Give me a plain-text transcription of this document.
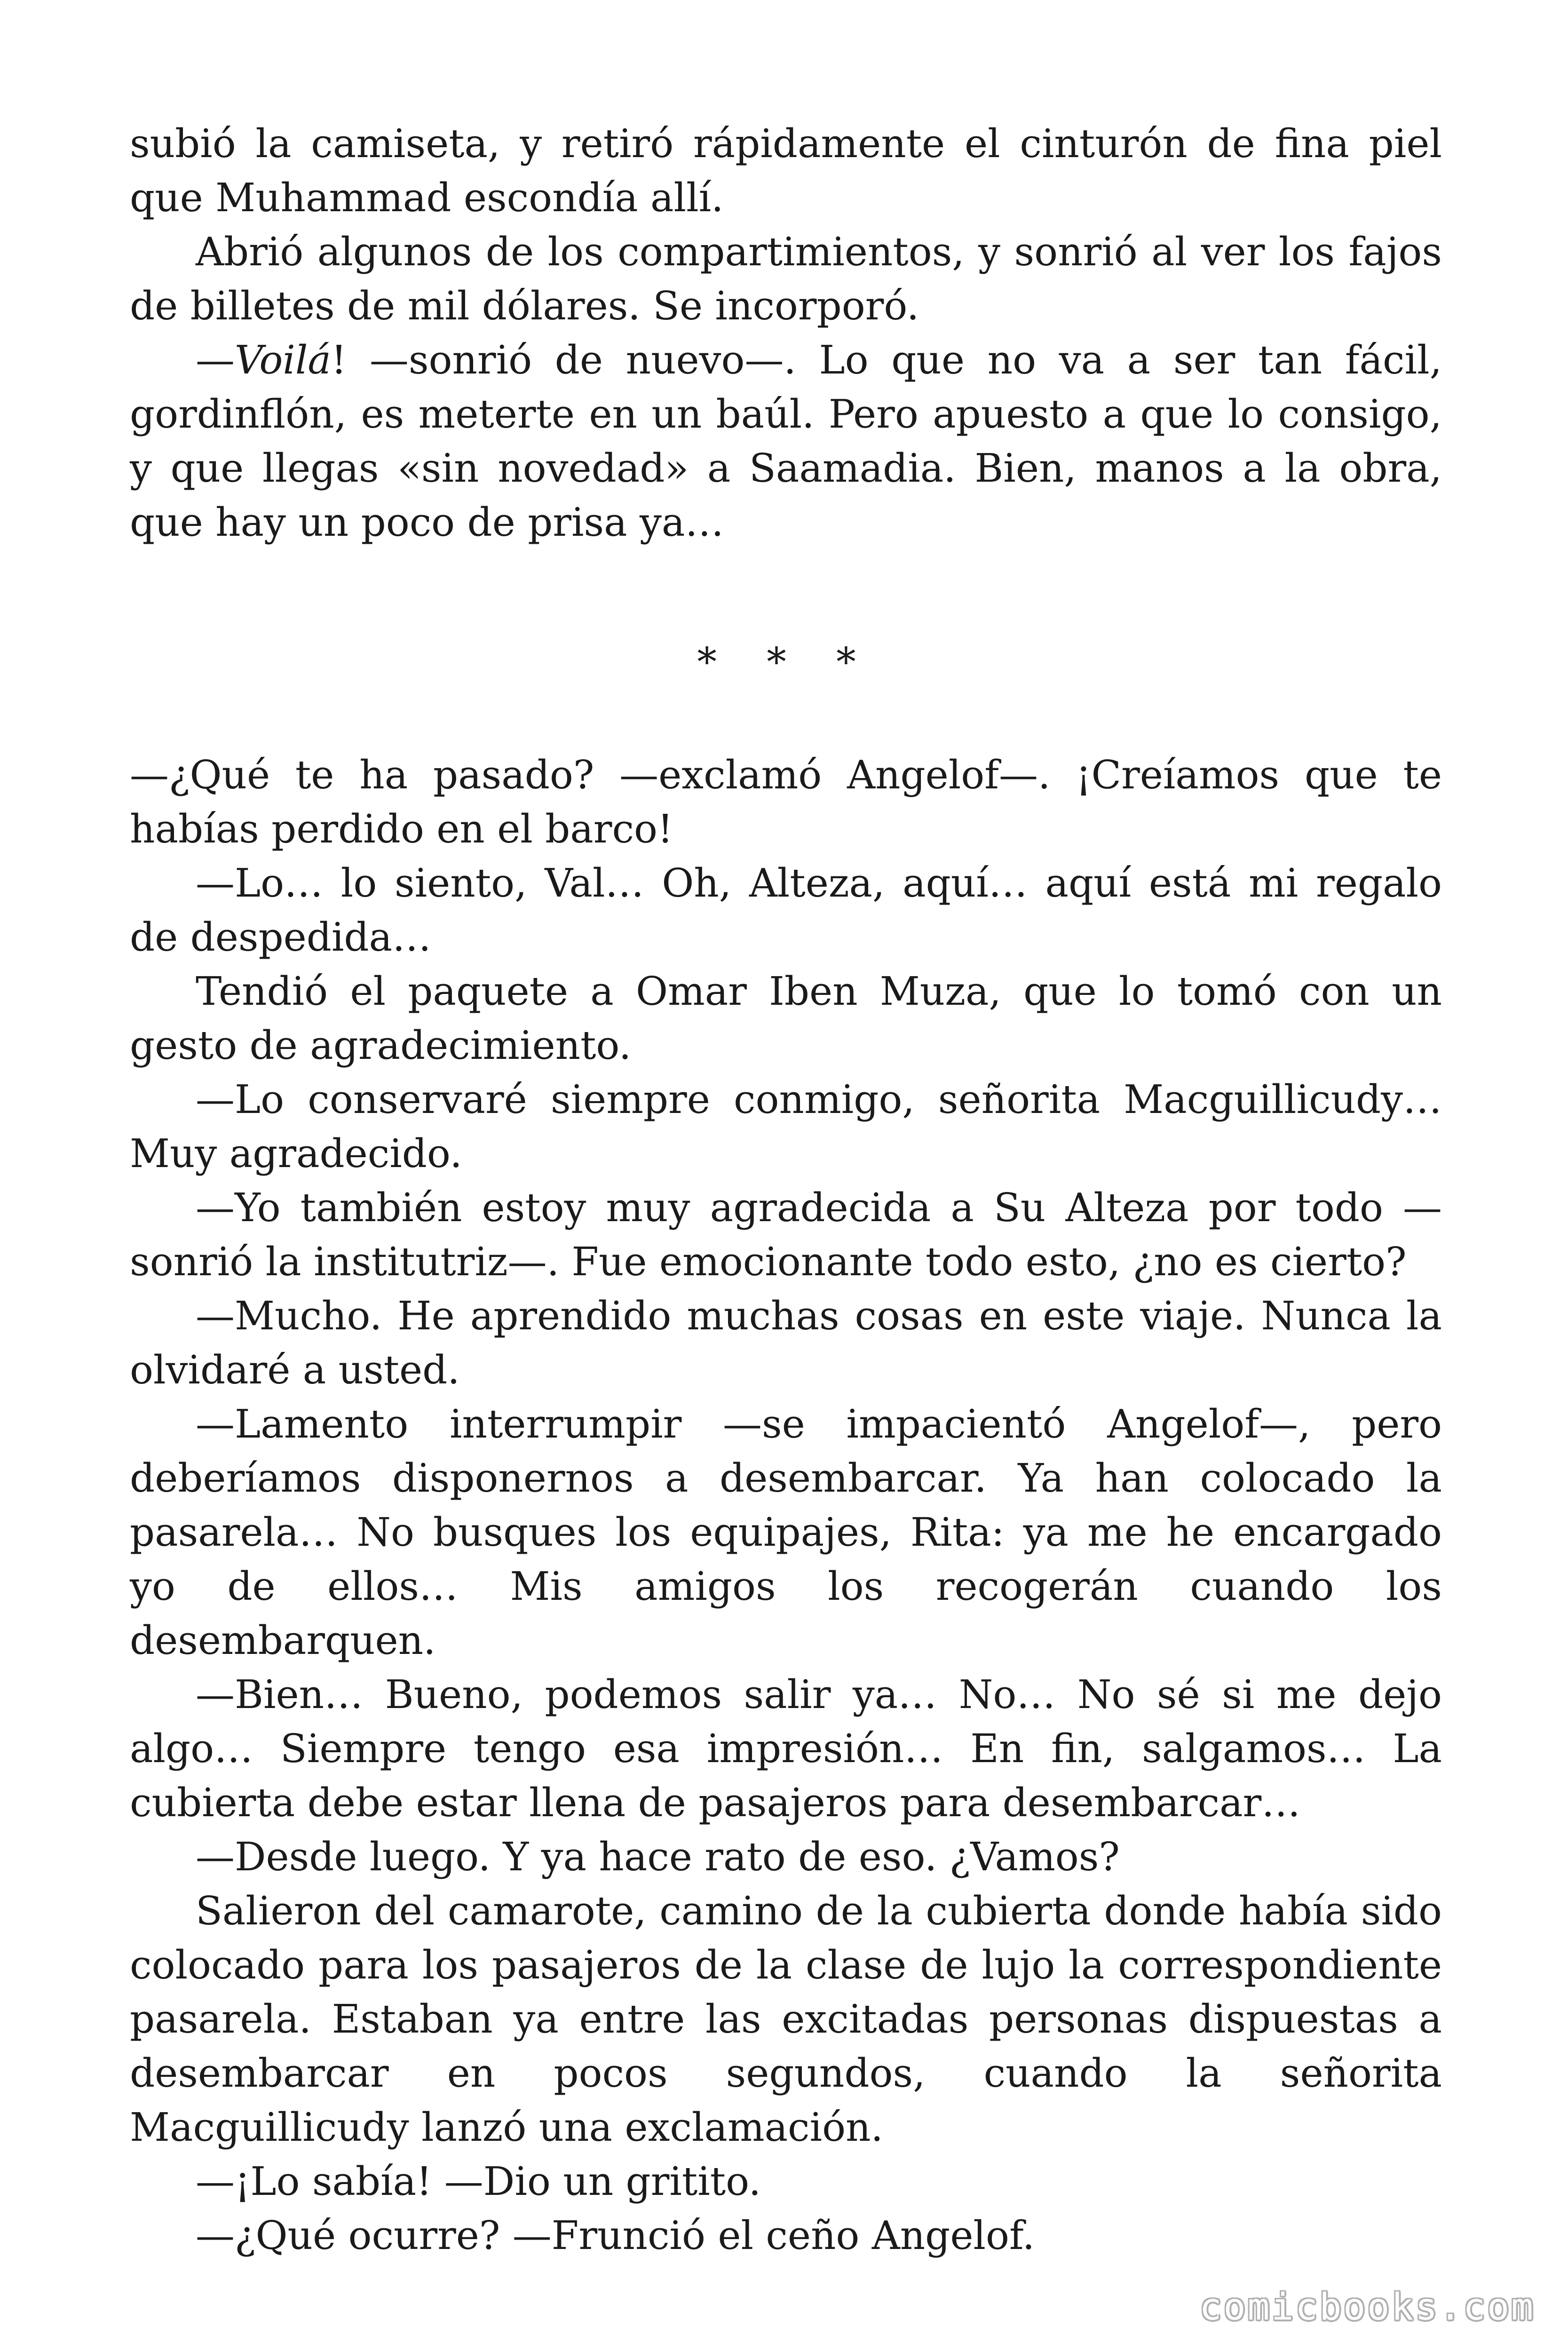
subió la camiseta, y retiró rápidamente el cinturón de fina piel que Muhammad escondía allí.

Abrió algunos de los compartimientos, y sonrió al ver los fajos de billetes de mil dólares. Se incorporó.

—Voilá! —sonrió de nuevo—. Lo que no va a ser tan fácil, gordinflón, es meterte en un baúl. Pero apuesto a que lo consigo, y que llegas «sin novedad» a Saamadia. Bien, manos a la obra, que hay un poco de prisa ya…

* * *

—¿Qué te ha pasado? —exclamó Angelof—. ¡Creíamos que te habías perdido en el barco!

—Lo… lo siento, Val… Oh, Alteza, aquí… aquí está mi regalo de despedida…

Tendió el paquete a Omar Iben Muza, que lo tomó con un gesto de agradecimiento.

—Lo conservaré siempre conmigo, señorita Macguillicudy… Muy agradecido.

—Yo también estoy muy agradecida a Su Alteza por todo —sonrió la institutriz—. Fue emocionante todo esto, ¿no es cierto?

—Mucho. He aprendido muchas cosas en este viaje. Nunca la olvidaré a usted.

—Lamento interrumpir —se impacientó Angelof—, pero deberíamos disponernos a desembarcar. Ya han colocado la pasarela… No busques los equipajes, Rita: ya me he encargado yo de ellos… Mis amigos los recogerán cuando los desembarquen.

—Bien… Bueno, podemos salir ya… No… No sé si me dejo algo… Siempre tengo esa impresión… En fin, salgamos… La cubierta debe estar llena de pasajeros para desembarcar…

—Desde luego. Y ya hace rato de eso. ¿Vamos?

Salieron del camarote, camino de la cubierta donde había sido colocado para los pasajeros de la clase de lujo la correspondiente pasarela. Estaban ya entre las excitadas personas dispuestas a desembarcar en pocos segundos, cuando la señorita Macguillicudy lanzó una exclamación.

—¡Lo sabía! —Dio un gritito.

—¿Qué ocurre? —Frunció el ceño Angelof.

comicbooks.com
